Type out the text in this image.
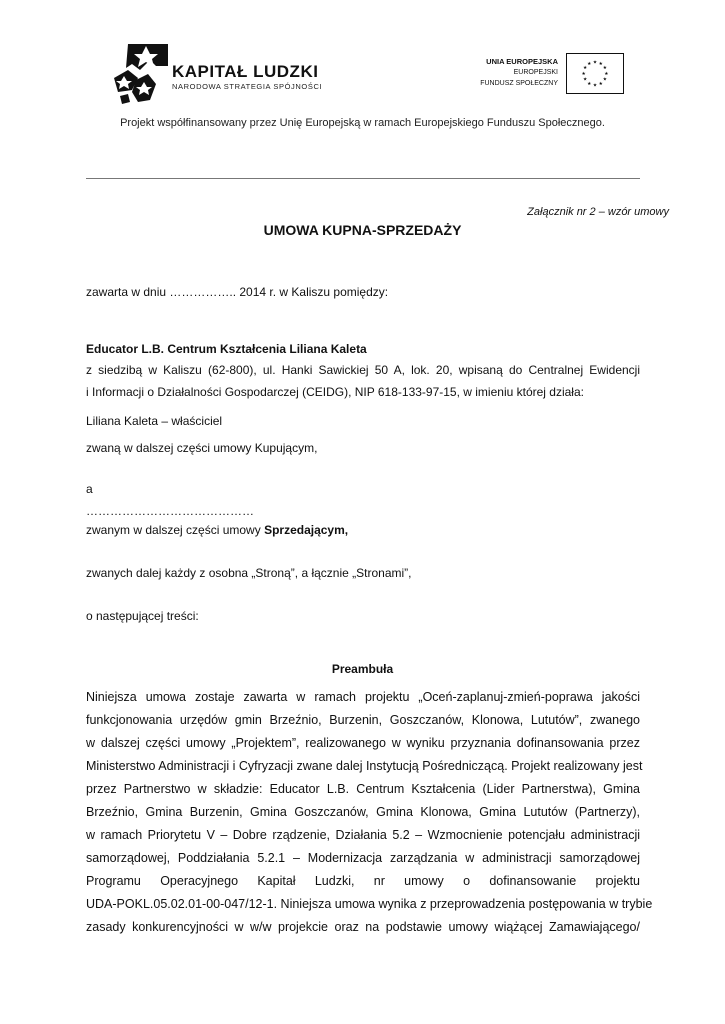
KAPITAŁ LUDZKI
NARODOWA STRATEGIA SPÓJNOŚCI
UNIA EUROPEJSKA
EUROPEJSKI
FUNDUSZ SPOŁECZNY
★ ★
★
★
★
★
★
★
★
★
★
★
Projekt współfinansowany przez Unię Europejską w ramach Europejskiego Funduszu Społecznego.
Załącznik nr 2 – wzór umowy
UMOWA KUPNA-SPRZEDAŻY
zawarta w dniu …………….. 2014 r. w Kaliszu pomiędzy:
Educator L.B. Centrum Kształcenia Liliana Kaleta
z siedzibą w Kaliszu (62-800), ul. Hanki Sawickiej 50 A, lok. 20, wpisaną do Centralnej Ewidencji
i Informacji o Działalności Gospodarczej (CEIDG), NIP 618-133-97-15, w imieniu której działa:
Liliana Kaleta – właściciel
zwaną w dalszej części umowy Kupującym,
a
……………………………………
zwanym w dalszej części umowy Sprzedającym,
zwanych dalej każdy z osobna „Stroną”, a łącznie „Stronami”,
o następującej treści:
Preambuła
Niniejsza umowa zostaje zawarta w ramach projektu „Oceń-zaplanuj-zmień-poprawa jakości
funkcjonowania urzędów gmin Brzeźnio, Burzenin, Goszczanów, Klonowa, Lututów”, zwanego
w dalszej części umowy „Projektem”, realizowanego w wyniku przyznania dofinansowania przez
Ministerstwo Administracji i Cyfryzacji zwane dalej Instytucją Pośredniczącą. Projekt realizowany jest
przez Partnerstwo w składzie: Educator L.B. Centrum Kształcenia (Lider Partnerstwa), Gmina
Brzeźnio, Gmina Burzenin, Gmina Goszczanów, Gmina Klonowa, Gmina Lututów (Partnerzy),
w ramach Priorytetu V – Dobre rządzenie, Działania 5.2 – Wzmocnienie potencjału administracji
samorządowej, Poddziałania 5.2.1 – Modernizacja zarządzania w administracji samorządowej
Programu Operacyjnego Kapitał Ludzki, nr umowy o dofinansowanie projektu
UDA-POKL.05.02.01-00-047/12-1. Niniejsza umowa wynika z przeprowadzenia postępowania w trybie
zasady konkurencyjności w w/w projekcie oraz na podstawie umowy wiążącej Zamawiającego/
